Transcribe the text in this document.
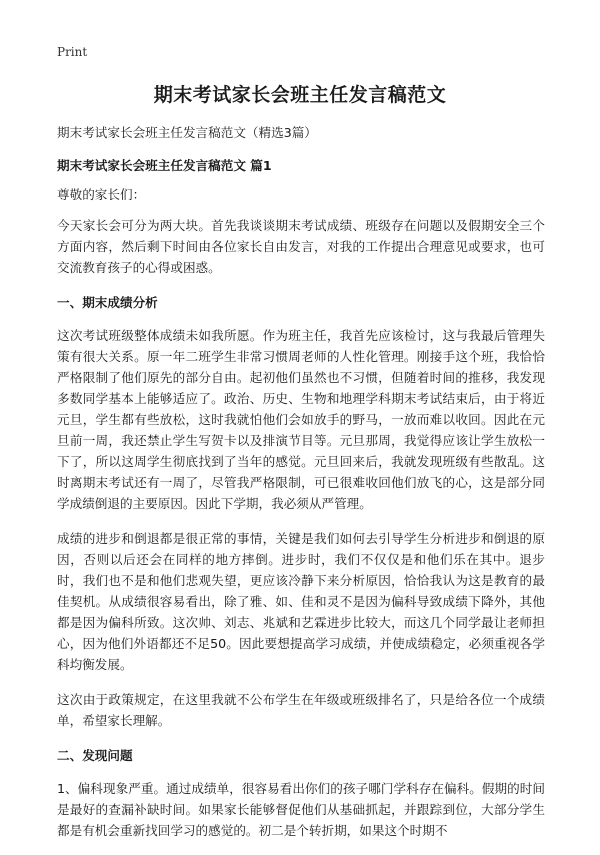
Print
期末考试家长会班主任发言稿范文

期末考试家长会班主任发言稿范文（精选3篇）

期末考试家长会班主任发言稿范文 篇1

尊敬的家长们：

今天家长会可分为两大块。首先我谈谈期末考试成绩、班级存在问题以及假期安全三个方面内容，然后剩下时间由各位家长自由发言，对我的工作提出合理意见或要求，也可交流教育孩子的心得或困惑。

一、期末成绩分析

这次考试班级整体成绩未如我所愿。作为班主任，我首先应该检讨，这与我最后管理失策有很大关系。原一年二班学生非常习惯周老师的人性化管理。刚接手这个班，我恰恰严格限制了他们原先的部分自由。起初他们虽然也不习惯，但随着时间的推移，我发现多数同学基本上能够适应了。政治、历史、生物和地理学科期末考试结束后，由于将近元旦，学生都有些放松，这时我就怕他们会如放手的野马，一放而难以收回。因此在元旦前一周，我还禁止学生写贺卡以及排演节目等。元旦那周，我觉得应该让学生放松一下了，所以这周学生彻底找到了当年的感觉。元旦回来后，我就发现班级有些散乱。这时离期末考试还有一周了，尽管我严格限制，可已很难收回他们放飞的心，这是部分同学成绩倒退的主要原因。因此下学期，我必须从严管理。

成绩的进步和倒退都是很正常的事情，关键是我们如何去引导学生分析进步和倒退的原因，否则以后还会在同样的地方摔倒。进步时，我们不仅仅是和他们乐在其中。退步时，我们也不是和他们悲观失望，更应该冷静下来分析原因，恰恰我认为这是教育的最佳契机。从成绩很容易看出，除了雅、如、佳和灵不是因为偏科导致成绩下降外，其他都是因为偏科所致。这次帅、刘志、兆斌和艺霖进步比较大，而这几个同学最让老师担心，因为他们外语都还不足50。因此要想提高学习成绩，并使成绩稳定，必须重视各学科均衡发展。

这次由于政策规定，在这里我就不公布学生在年级或班级排名了，只是给各位一个成绩单，希望家长理解。

二、发现问题

1、偏科现象严重。通过成绩单，很容易看出你们的孩子哪门学科存在偏科。假期的时间是最好的查漏补缺时间。如果家长能够督促他们从基础抓起，并跟踪到位，大部分学生都是有机会重新找回学习的感觉的。初二是个转折期，如果这个时期不
